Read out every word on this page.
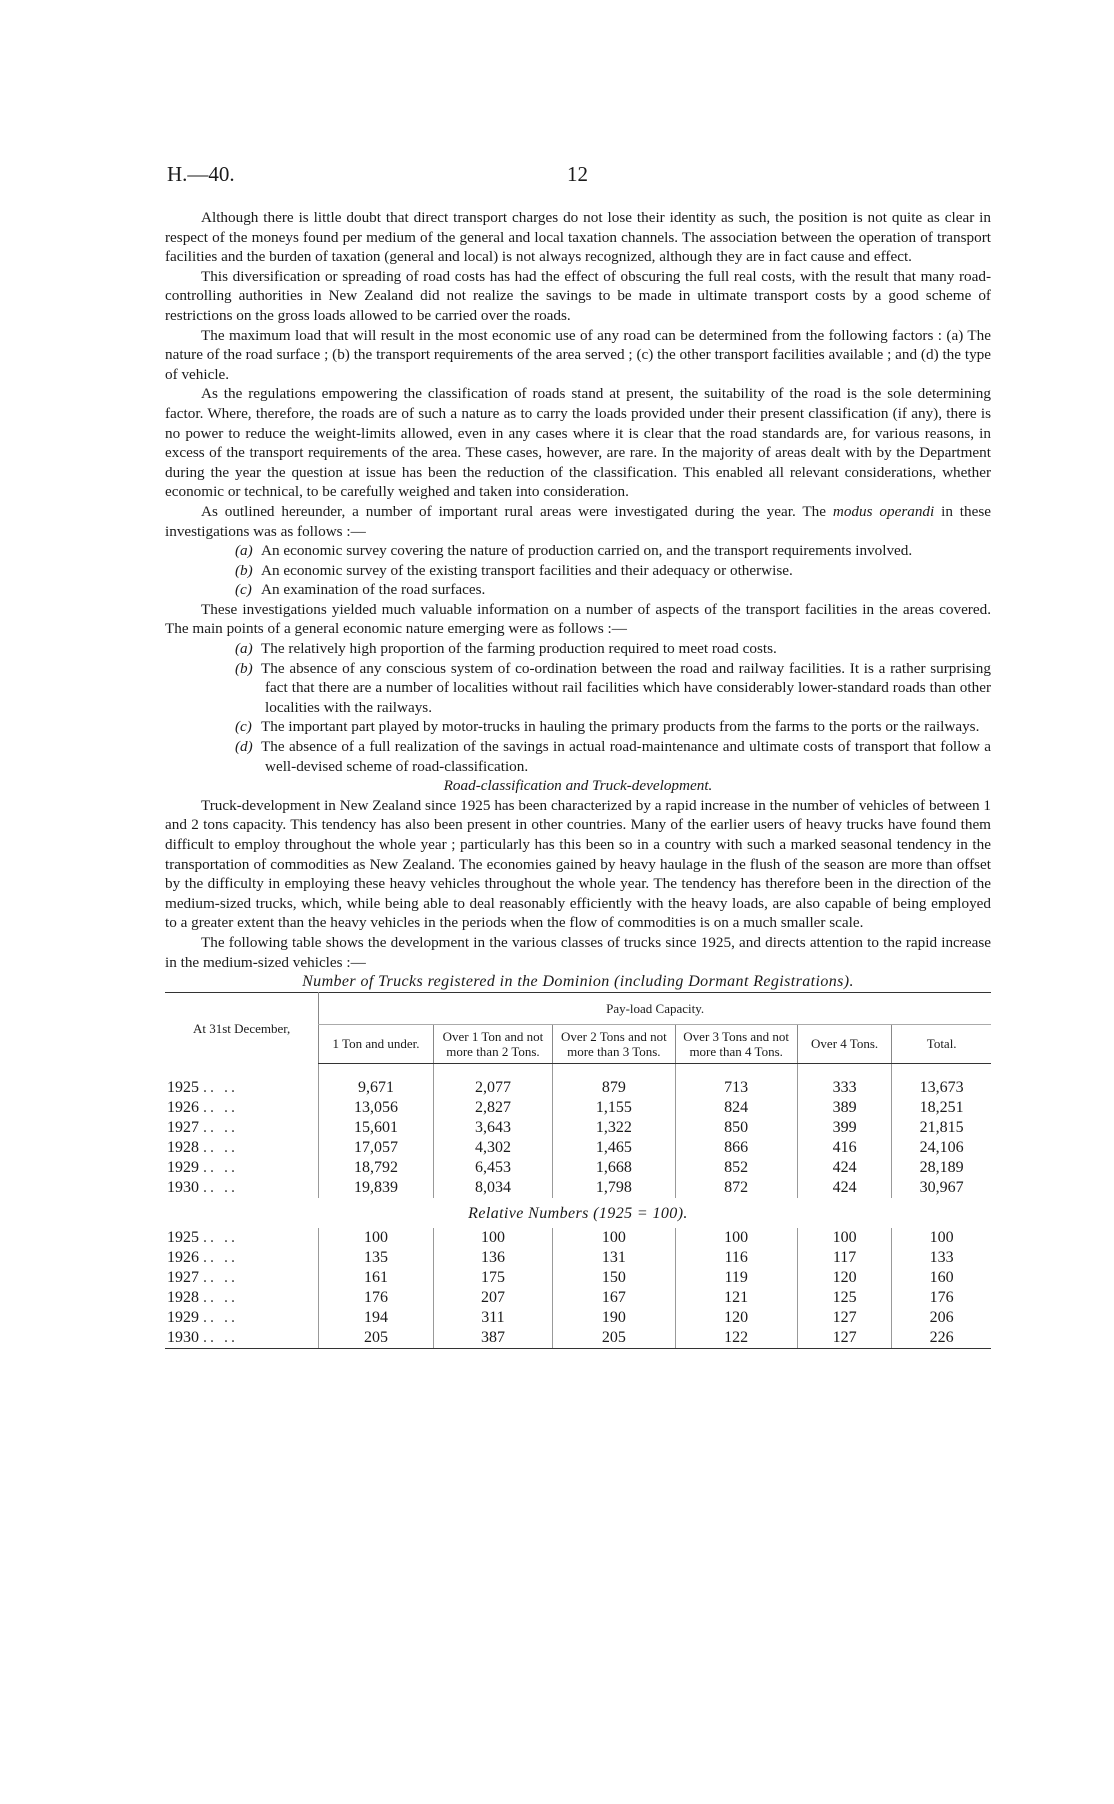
H.—40.	12

Although there is little doubt that direct transport charges do not lose their identity as such, the position is not quite as clear in respect of the moneys found per medium of the general and local taxation channels. The association between the operation of transport facilities and the burden of taxation (general and local) is not always recognized, although they are in fact cause and effect.

This diversification or spreading of road costs has had the effect of obscuring the full real costs, with the result that many road-controlling authorities in New Zealand did not realize the savings to be made in ultimate transport costs by a good scheme of restrictions on the gross loads allowed to be carried over the roads.

The maximum load that will result in the most economic use of any road can be determined from the following factors : (a) The nature of the road surface ; (b) the transport requirements of the area served ; (c) the other transport facilities available ; and (d) the type of vehicle.

As the regulations empowering the classification of roads stand at present, the suitability of the road is the sole determining factor. Where, therefore, the roads are of such a nature as to carry the loads provided under their present classification (if any), there is no power to reduce the weight-limits allowed, even in any cases where it is clear that the road standards are, for various reasons, in excess of the transport requirements of the area. These cases, however, are rare. In the majority of areas dealt with by the Department during the year the question at issue has been the reduction of the classification. This enabled all relevant considerations, whether economic or technical, to be carefully weighed and taken into consideration.

As outlined hereunder, a number of important rural areas were investigated during the year. The modus operandi in these investigations was as follows :—

(a) An economic survey covering the nature of production carried on, and the transport requirements involved.
(b) An economic survey of the existing transport facilities and their adequacy or otherwise.
(c) An examination of the road surfaces.

These investigations yielded much valuable information on a number of aspects of the transport facilities in the areas covered. The main points of a general economic nature emerging were as follows :—

(a) The relatively high proportion of the farming production required to meet road costs.
(b) The absence of any conscious system of co-ordination between the road and railway facilities. It is a rather surprising fact that there are a number of localities without rail facilities which have considerably lower-standard roads than other localities with the railways.
(c) The important part played by motor-trucks in hauling the primary products from the farms to the ports or the railways.
(d) The absence of a full realization of the savings in actual road-maintenance and ultimate costs of transport that follow a well-devised scheme of road-classification.

Road-classification and Truck-development.

Truck-development in New Zealand since 1925 has been characterized by a rapid increase in the number of vehicles of between 1 and 2 tons capacity. This tendency has also been present in other countries. Many of the earlier users of heavy trucks have found them difficult to employ throughout the whole year ; particularly has this been so in a country with such a marked seasonal tendency in the transportation of commodities as New Zealand. The economies gained by heavy haulage in the flush of the season are more than offset by the difficulty in employing these heavy vehicles throughout the whole year. The tendency has therefore been in the direction of the medium-sized trucks, which, while being able to deal reasonably efficiently with the heavy loads, are also capable of being employed to a greater extent than the heavy vehicles in the periods when the flow of commodities is on a much smaller scale.

The following table shows the development in the various classes of trucks since 1925, and directs attention to the rapid increase in the medium-sized vehicles :—

Number of Trucks registered in the Dominion (including Dormant Registrations).

At 31st December,	Pay-load Capacity.					
	1 Ton and under.	Over 1 Ton and not more than 2 Tons.	Over 2 Tons and not more than 3 Tons.	Over 3 Tons and not more than 4 Tons.	Over 4 Tons.	Total.
1925 .. ..	9,671	2,077	879	713	333	13,673
1926 .. ..	13,056	2,827	1,155	824	389	18,251
1927 .. ..	15,601	3,643	1,322	850	399	21,815
1928 .. ..	17,057	4,302	1,465	866	416	24,106
1929 .. ..	18,792	6,453	1,668	852	424	28,189
1930 .. ..	19,839	8,034	1,798	872	424	30,967
Relative Numbers (1925 = 100).						
1925 .. ..	100	100	100	100	100	100
1926 .. ..	135	136	131	116	117	133
1927 .. ..	161	175	150	119	120	160
1928 .. ..	176	207	167	121	125	176
1929 .. ..	194	311	190	120	127	206
1930 .. ..	205	387	205	122	127	226
